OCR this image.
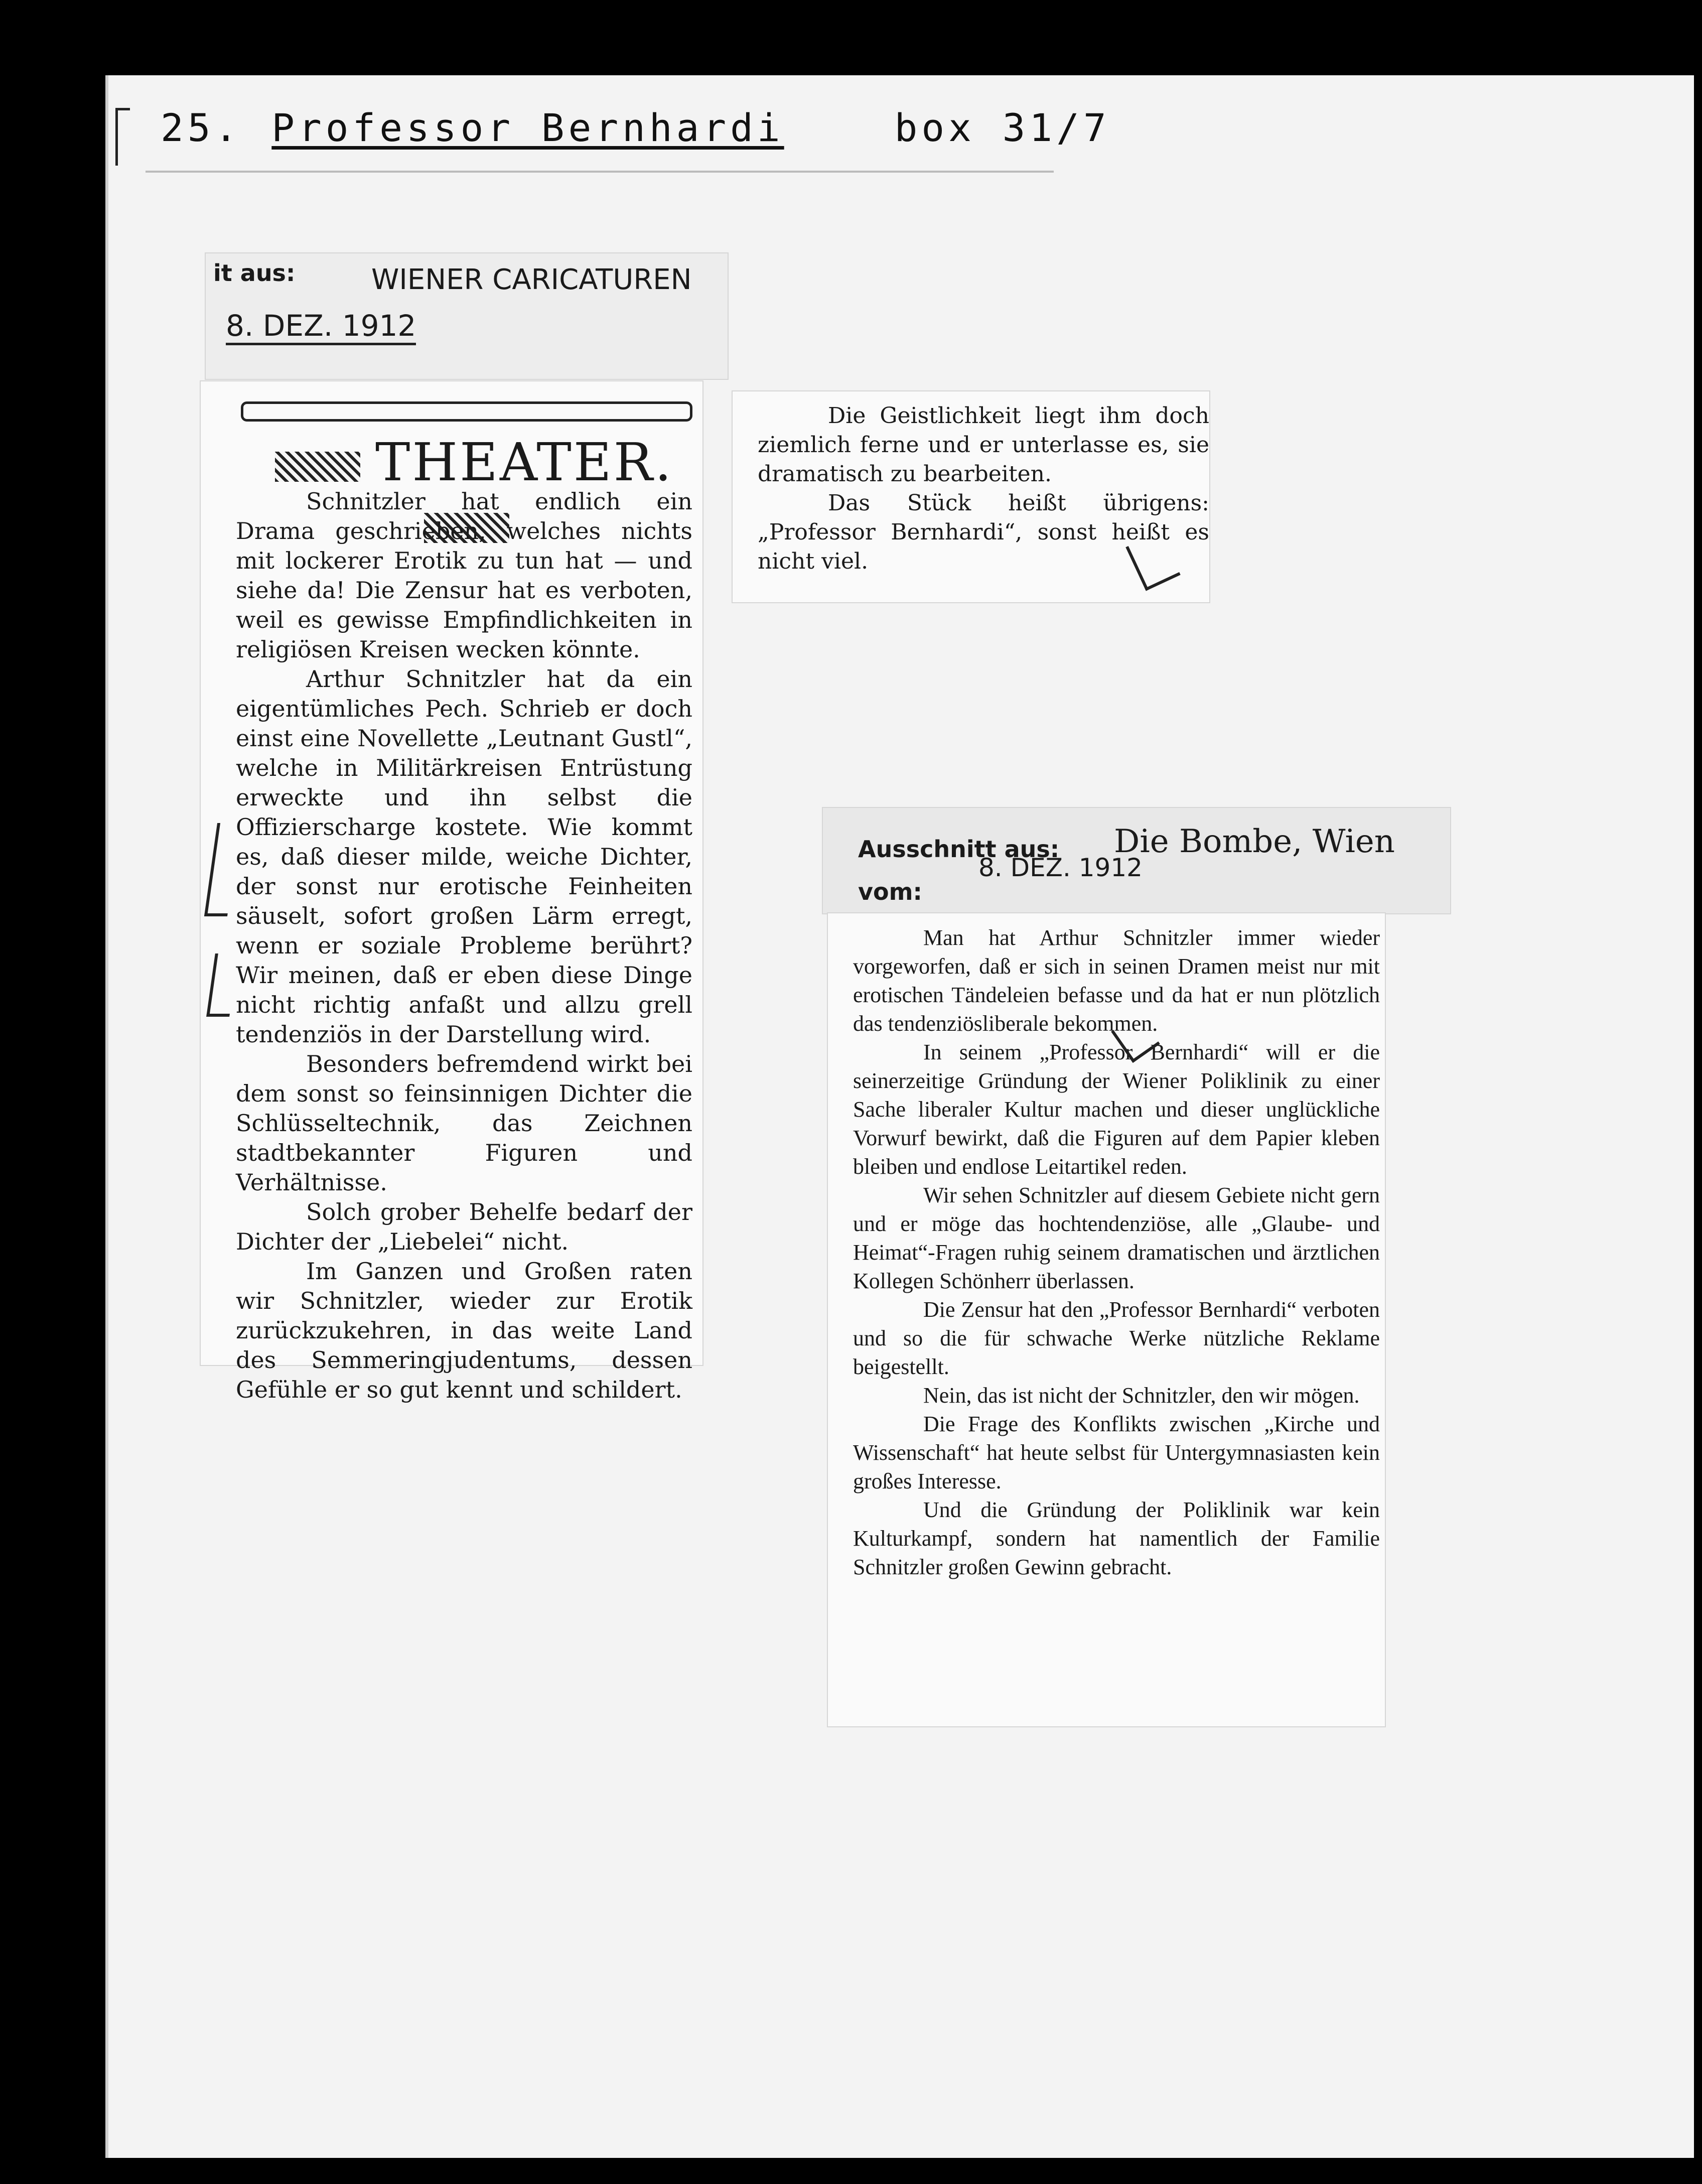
25. Professor Bernhardi	box 31/7
it aus:	WIENER CARICATUREN
8. DEZ. 1912
THEATER.

Schnitzler hat endlich ein Drama geschrieben, welches nichts mit lockerer Erotik zu tun hat — und siehe da! Die Zensur hat es verboten, weil es gewisse Empfindlichkeiten in religiösen Kreisen wecken könnte.

Arthur Schnitzler hat da ein eigentümliches Pech. Schrieb er doch einst eine Novellette „Leutnant Gustl“, welche in Militärkreisen Entrüstung erweckte und ihn selbst die Offizierscharge kostete. Wie kommt es, daß dieser milde, weiche Dichter, der sonst nur erotische Feinheiten säuselt, sofort großen Lärm erregt, wenn er soziale Probleme berührt? Wir meinen, daß er eben diese Dinge nicht richtig anfaßt und allzu grell tendenziös in der Darstellung wird.

Besonders befremdend wirkt bei dem sonst so feinsinnigen Dichter die Schlüsseltechnik, das Zeichnen stadtbekannter Figuren und Verhältnisse.

Solch grober Behelfe bedarf der Dichter der „Liebelei“ nicht.

Im Ganzen und Großen raten wir Schnitzler, wieder zur Erotik zurückzukehren, in das weite Land des Semmeringjudentums, dessen Gefühle er so gut kennt und schildert.

Die Geistlichkeit liegt ihm doch ziemlich ferne und er unterlasse es, sie dramatisch zu bearbeiten.

Das Stück heißt übrigens: „Professor Bernhardi“, sonst heißt es nicht viel.

Ausschnitt aus: Die Bombe, Wien
vom:
8. DEZ. 1912

Man hat Arthur Schnitzler immer wieder vorgeworfen, daß er sich in seinen Dramen meist nur mit erotischen Tändeleien befasse und da hat er nun plötzlich das tendenziösliberale bekommen.

In seinem „Professor Bernhardi“ will er die seinerzeitige Gründung der Wiener Poliklinik zu einer Sache liberaler Kultur machen und dieser unglückliche Vorwurf bewirkt, daß die Figuren auf dem Papier kleben bleiben und endlose Leitartikel reden.

Wir sehen Schnitzler auf diesem Gebiete nicht gern und er möge das hochtendenziöse, alle „Glaube- und Heimat“-Fragen ruhig seinem dramatischen und ärztlichen Kollegen Schönherr überlassen.

Die Zensur hat den „Professor Bernhardi“ verboten und so die für schwache Werke nützliche Reklame beigestellt.

Nein, das ist nicht der Schnitzler, den wir mögen.

Die Frage des Konflikts zwischen „Kirche und Wissenschaft“ hat heute selbst für Untergymnasiasten kein großes Interesse.

Und die Gründung der Poliklinik war kein Kulturkampf, sondern hat namentlich der Familie Schnitzler großen Gewinn gebracht.
